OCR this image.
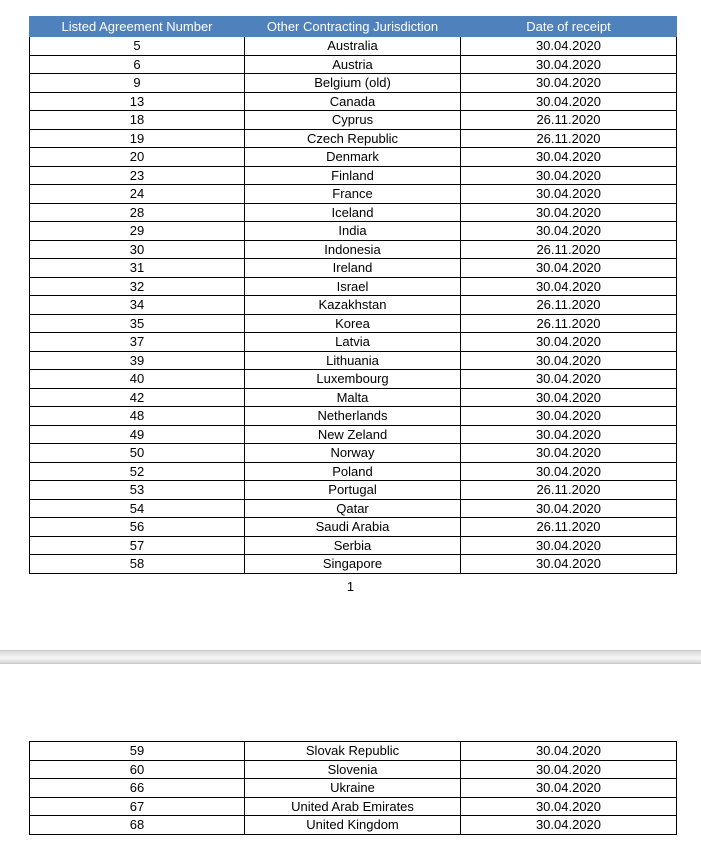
Listed Agreement Number	Other Contracting Jurisdiction	Date of receipt
5	Australia	30.04.2020
6	Austria	30.04.2020
9	Belgium (old)	30.04.2020
13	Canada	30.04.2020
18	Cyprus	26.11.2020
19	Czech Republic	26.11.2020
20	Denmark	30.04.2020
23	Finland	30.04.2020
24	France	30.04.2020
28	Iceland	30.04.2020
29	India	30.04.2020
30	Indonesia	26.11.2020
31	Ireland	30.04.2020
32	Israel	30.04.2020
34	Kazakhstan	26.11.2020
35	Korea	26.11.2020
37	Latvia	30.04.2020
39	Lithuania	30.04.2020
40	Luxembourg	30.04.2020
42	Malta	30.04.2020
48	Netherlands	30.04.2020
49	New Zeland	30.04.2020
50	Norway	30.04.2020
52	Poland	30.04.2020
53	Portugal	26.11.2020
54	Qatar	30.04.2020
56	Saudi Arabia	26.11.2020
57	Serbia	30.04.2020
58	Singapore	30.04.2020
1
59	Slovak Republic	30.04.2020
60	Slovenia	30.04.2020
66	Ukraine	30.04.2020
67	United Arab Emirates	30.04.2020
68	United Kingdom	30.04.2020
